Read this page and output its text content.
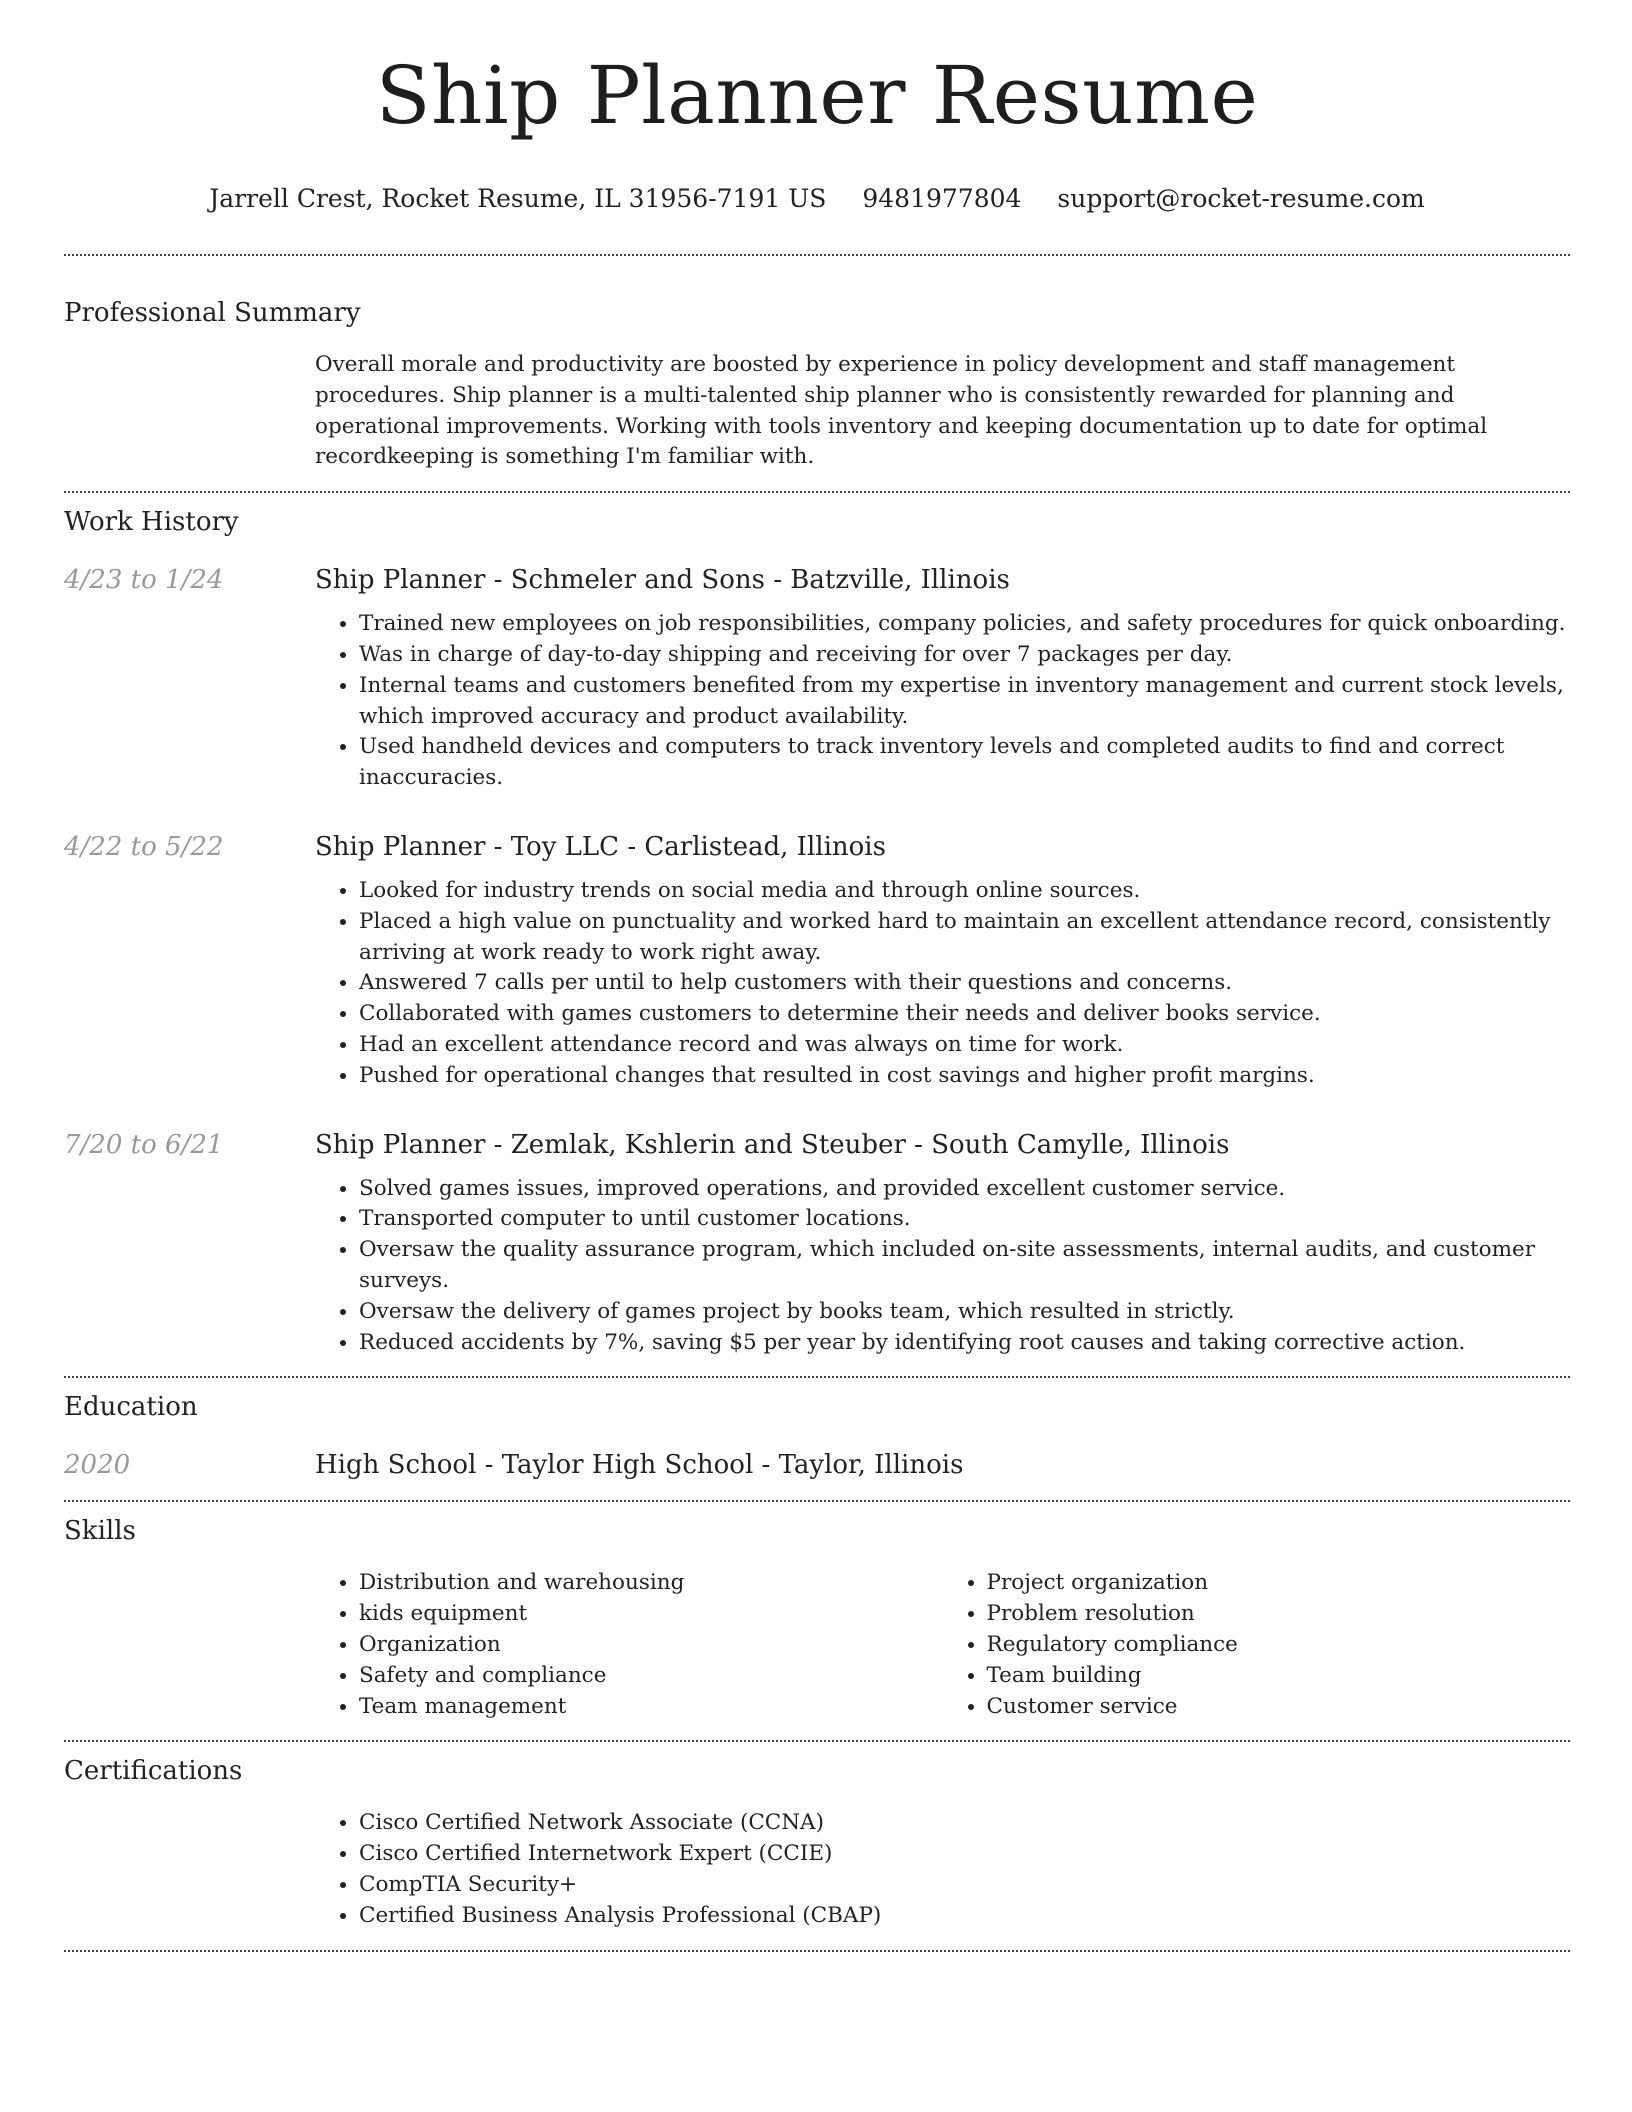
Ship Planner Resume
Jarrell Crest, Rocket Resume, IL 31956-7191 US 9481977804 support@rocket-resume.com
Professional Summary

Overall morale and productivity are boosted by experience in policy development and staff management procedures. Ship planner is a multi-talented ship planner who is consistently rewarded for planning and operational improvements. Working with tools inventory and keeping documentation up to date for optimal recordkeeping is something I'm familiar with.

Work History
4/23 to 1/24	Ship Planner - Schmeler and Sons - Batzville, Illinois
• Trained new employees on job responsibilities, company policies, and safety procedures for quick onboarding.
• Was in charge of day-to-day shipping and receiving for over 7 packages per day.
• Internal teams and customers benefited from my expertise in inventory management and current stock levels, which improved accuracy and product availability.
• Used handheld devices and computers to track inventory levels and completed audits to find and correct inaccuracies.
4/22 to 5/22	Ship Planner - Toy LLC - Carlistead, Illinois
• Looked for industry trends on social media and through online sources.
• Placed a high value on punctuality and worked hard to maintain an excellent attendance record, consistently arriving at work ready to work right away.
• Answered 7 calls per until to help customers with their questions and concerns.
• Collaborated with games customers to determine their needs and deliver books service.
• Had an excellent attendance record and was always on time for work.
• Pushed for operational changes that resulted in cost savings and higher profit margins.
7/20 to 6/21	Ship Planner - Zemlak, Kshlerin and Steuber - South Camylle, Illinois
• Solved games issues, improved operations, and provided excellent customer service.
• Transported computer to until customer locations.
• Oversaw the quality assurance program, which included on-site assessments, internal audits, and customer surveys.
• Oversaw the delivery of games project by books team, which resulted in strictly.
• Reduced accidents by 7%, saving $5 per year by identifying root causes and taking corrective action.
Education
2020	High School - Taylor High School - Taylor, Illinois
Skills
• Distribution and warehousing
• kids equipment
• Organization
• Safety and compliance
• Team management
• Project organization
• Problem resolution
• Regulatory compliance
• Team building
• Customer service
Certifications
• Cisco Certified Network Associate (CCNA)
• Cisco Certified Internetwork Expert (CCIE)
• CompTIA Security+
• Certified Business Analysis Professional (CBAP)
